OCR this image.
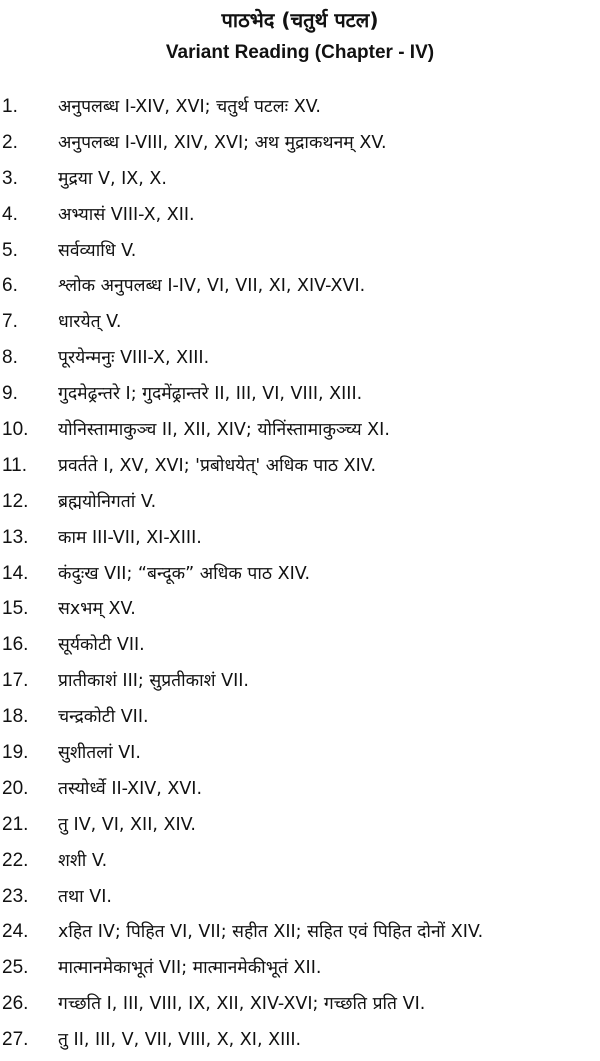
पाठभेद (चतुर्थ पटल)
Variant Reading (Chapter - IV)
1. अनुपलब्ध I-XIV, XVI; चतुर्थ पटलः XV.
2. अनुपलब्ध I-VIII, XIV, XVI; अथ मुद्राकथनम् XV.
3. मुद्रया V, IX, X.
4. अभ्यासं VIII-X, XII.
5. सर्वव्याधि V.
6. श्लोक अनुपलब्ध I-IV, VI, VII, XI, XIV-XVI.
7. धारयेत् V.
8. पूरयेन्मनुः VIII-X, XIII.
9. गुदमेढ्रन्तरे I; गुदमेंढ्रान्तरे II, III, VI, VIII, XIII.
10. योनिस्तामाकुञ्च II, XII, XIV; योनिंस्तामाकुञ्च्य XI.
11. प्रवर्तते I, XV, XVI; 'प्रबोधयेत्' अधिक पाठ XIV.
12. ब्रह्मयोनिगतां V.
13. काम III-VII, XI-XIII.
14. कंदुःख VII; “बन्दूक” अधिक पाठ XIV.
15. सxभम् XV.
16. सूर्यकोटी VII.
17. प्रातीकाशं III; सुप्रतीकाशं VII.
18. चन्द्रकोटी VII.
19. सुशीतलां VI.
20. तस्योर्ध्वे II-XIV, XVI.
21. तु IV, VI, XII, XIV.
22. शशी V.
23. तथा VI.
24. xहित IV; पिहित VI, VII; सहीत XII; सहित एवं पिहित दोनों XIV.
25. मात्मानमेकाभूतं VII; मात्मानमेकीभूतं XII.
26. गच्छति I, III, VIII, IX, XII, XIV-XVI; गच्छति प्रति VI.
27. तु II, III, V, VII, VIII, X, XI, XIII.
